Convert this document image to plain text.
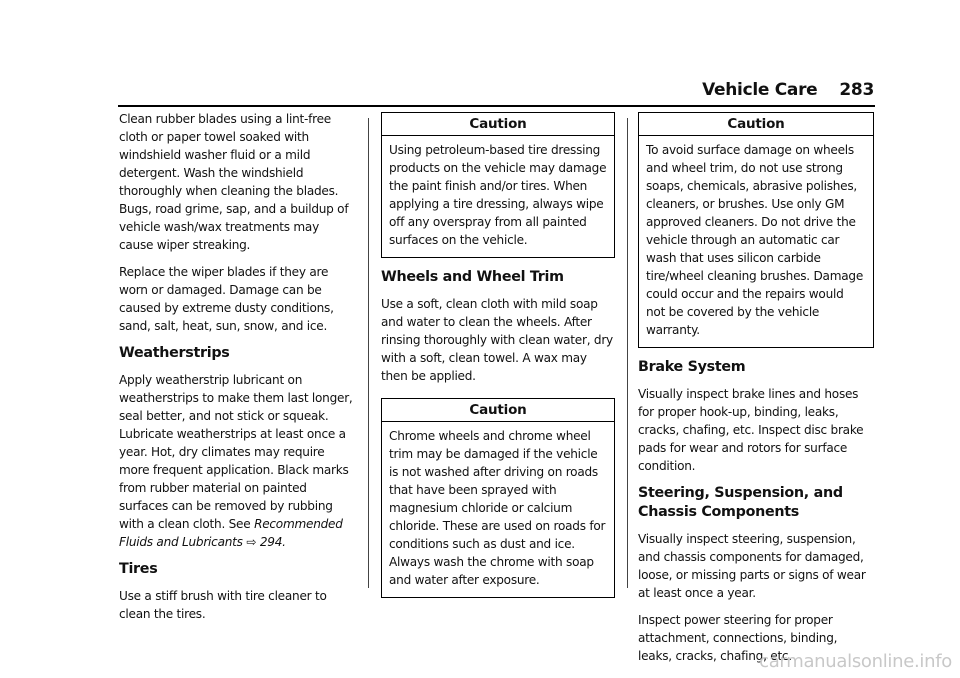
Vehicle Care 283

Clean rubber blades using a lint-free cloth or paper towel soaked with windshield washer fluid or a mild detergent. Wash the windshield thoroughly when cleaning the blades. Bugs, road grime, sap, and a buildup of vehicle wash/wax treatments may cause wiper streaking.

Replace the wiper blades if they are worn or damaged. Damage can be caused by extreme dusty conditions, sand, salt, heat, sun, snow, and ice.

Weatherstrips

Apply weatherstrip lubricant on weatherstrips to make them last longer, seal better, and not stick or squeak. Lubricate weatherstrips at least once a year. Hot, dry climates may require more frequent application. Black marks from rubber material on painted surfaces can be removed by rubbing with a clean cloth. See Recommended Fluids and Lubricants ⇨ 294.

Tires

Use a stiff brush with tire cleaner to clean the tires.

Caution
Using petroleum-based tire dressing products on the vehicle may damage the paint finish and/or tires. When applying a tire dressing, always wipe off any overspray from all painted surfaces on the vehicle.
Wheels and Wheel Trim

Use a soft, clean cloth with mild soap and water to clean the wheels. After rinsing thoroughly with clean water, dry with a soft, clean towel. A wax may then be applied.

Caution
Chrome wheels and chrome wheel trim may be damaged if the vehicle is not washed after driving on roads that have been sprayed with magnesium chloride or calcium chloride. These are used on roads for conditions such as dust and ice. Always wash the chrome with soap and water after exposure.
Caution
To avoid surface damage on wheels and wheel trim, do not use strong soaps, chemicals, abrasive polishes, cleaners, or brushes. Use only GM approved cleaners. Do not drive the vehicle through an automatic car wash that uses silicon carbide tire/wheel cleaning brushes. Damage could occur and the repairs would not be covered by the vehicle warranty.
Brake System

Visually inspect brake lines and hoses for proper hook-up, binding, leaks, cracks, chafing, etc. Inspect disc brake pads for wear and rotors for surface condition.

Steering, Suspension, and Chassis Components

Visually inspect steering, suspension, and chassis components for damaged, loose, or missing parts or signs of wear at least once a year.

Inspect power steering for proper attachment, connections, binding, leaks, cracks, chafing, etc.

carmanualsonline.info
